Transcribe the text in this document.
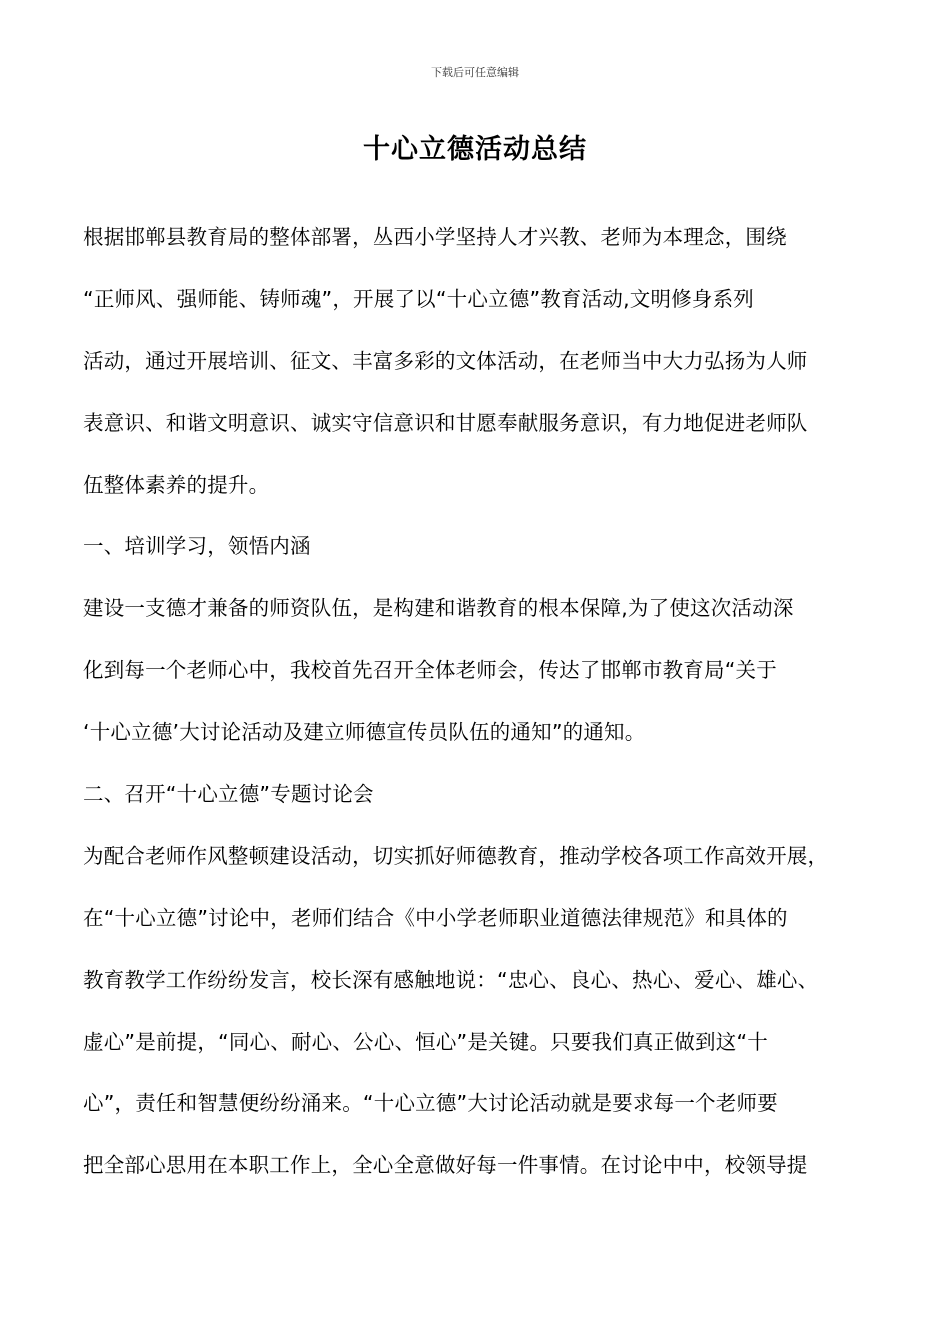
下载后可任意编辑
十心立德活动总结
根据邯郸县教育局的整体部署，丛西小学坚持人才兴教、老师为本理念，围绕
“正师风、强师能、铸师魂”，开展了以“十心立德”教育活动,文明修身系列
活动，通过开展培训、征文、丰富多彩的文体活动，在老师当中大力弘扬为人师
表意识、和谐文明意识、诚实守信意识和甘愿奉献服务意识，有力地促进老师队
伍整体素养的提升。
一、培训学习，领悟内涵
建设一支德才兼备的师资队伍，是构建和谐教育的根本保障,为了使这次活动深
化到每一个老师心中，我校首先召开全体老师会，传达了邯郸市教育局“关于
‘十心立德’大讨论活动及建立师德宣传员队伍的通知”的通知。
二、召开“十心立德”专题讨论会
为配合老师作风整顿建设活动，切实抓好师德教育，推动学校各项工作高效开展，
在“十心立德”讨论中，老师们结合《中小学老师职业道德法律规范》和具体的
教育教学工作纷纷发言，校长深有感触地说：“忠心、良心、热心、爱心、雄心、
虚心”是前提，“同心、耐心、公心、恒心”是关键。只要我们真正做到这“十
心”，责任和智慧便纷纷涌来。“十心立德”大讨论活动就是要求每一个老师要
把全部心思用在本职工作上，全心全意做好每一件事情。在讨论中中，校领导提
